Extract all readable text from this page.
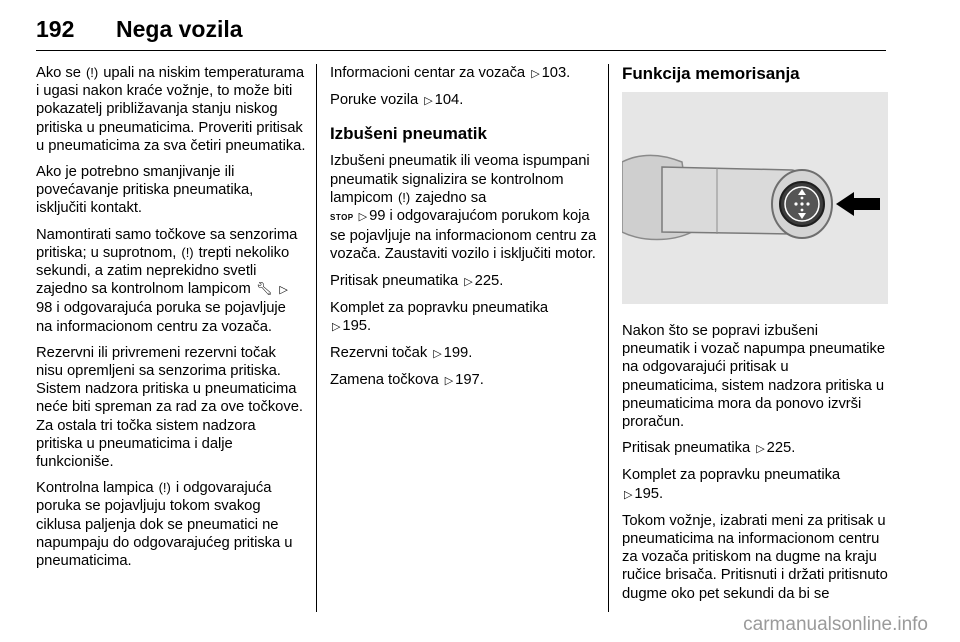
192 Nega vozila

Ako se (!) upali na niskim temperaturama i ugasi nakon kraće vožnje, to može biti pokazatelj približavanja stanju niskog pritiska u pneumaticima. Proveriti pritisak u pneumaticima za sva četiri pneumatika.

Ako je potrebno smanjivanje ili povećavanje pritiska pneumatika, isključiti kontakt.

Namontirati samo točkove sa senzorima pritiska; u suprotnom, (!) trepti nekoliko sekundi, a zatim neprekidno svetli zajedno sa kontrolnom lampicom 🔧︎ ▷98 i odgovarajuća poruka se pojavljuje na informacionom centru za vozača.

Rezervni ili privremeni rezervni točak nisu opremljeni sa senzorima pritiska. Sistem nadzora pritiska u pneumaticima neće biti spreman za rad za ove točkove. Za ostala tri točka sistem nadzora pritiska u pneumaticima i dalje funkcioniše.

Kontrolna lampica (!) i odgovarajuća poruka se pojavljuju tokom svakog ciklusa paljenja dok se pneumatici ne napumpaju do odgovarajućeg pritiska u pneumaticima.

Informacioni centar za vozača ▷ 103.

Poruke vozila ▷ 104.

Izbušeni pneumatik

Izbušeni pneumatik ili veoma ispumpani pneumatik signalizira se kontrolnom lampicom (!) zajedno sa
STOP ▷ 99 i odgovarajućom porukom koja se pojavljuje na informacionom centru za vozača. Zaustaviti vozilo i isključiti motor.

Pritisak pneumatika ▷ 225.

Komplet za popravku pneumatika
▷ 195.

Rezervni točak ▷ 199.

Zamena točkova ▷ 197.

Funkcija memorisanja

Nakon što se popravi izbušeni pneumatik i vozač napumpa pneumatike na odgovarajući pritisak u pneumaticima, sistem nadzora pritiska u pneumaticima mora da ponovo izvrši proračun.

Pritisak pneumatika ▷ 225.

Komplet za popravku pneumatika
▷ 195.

Tokom vožnje, izabrati meni za pritisak u pneumaticima na informacionom centru za vozača pritiskom na dugme na kraju ručice brisača. Pritisnuti i držati pritisnuto dugme oko pet sekundi da bi se

carmanualsonline.info
